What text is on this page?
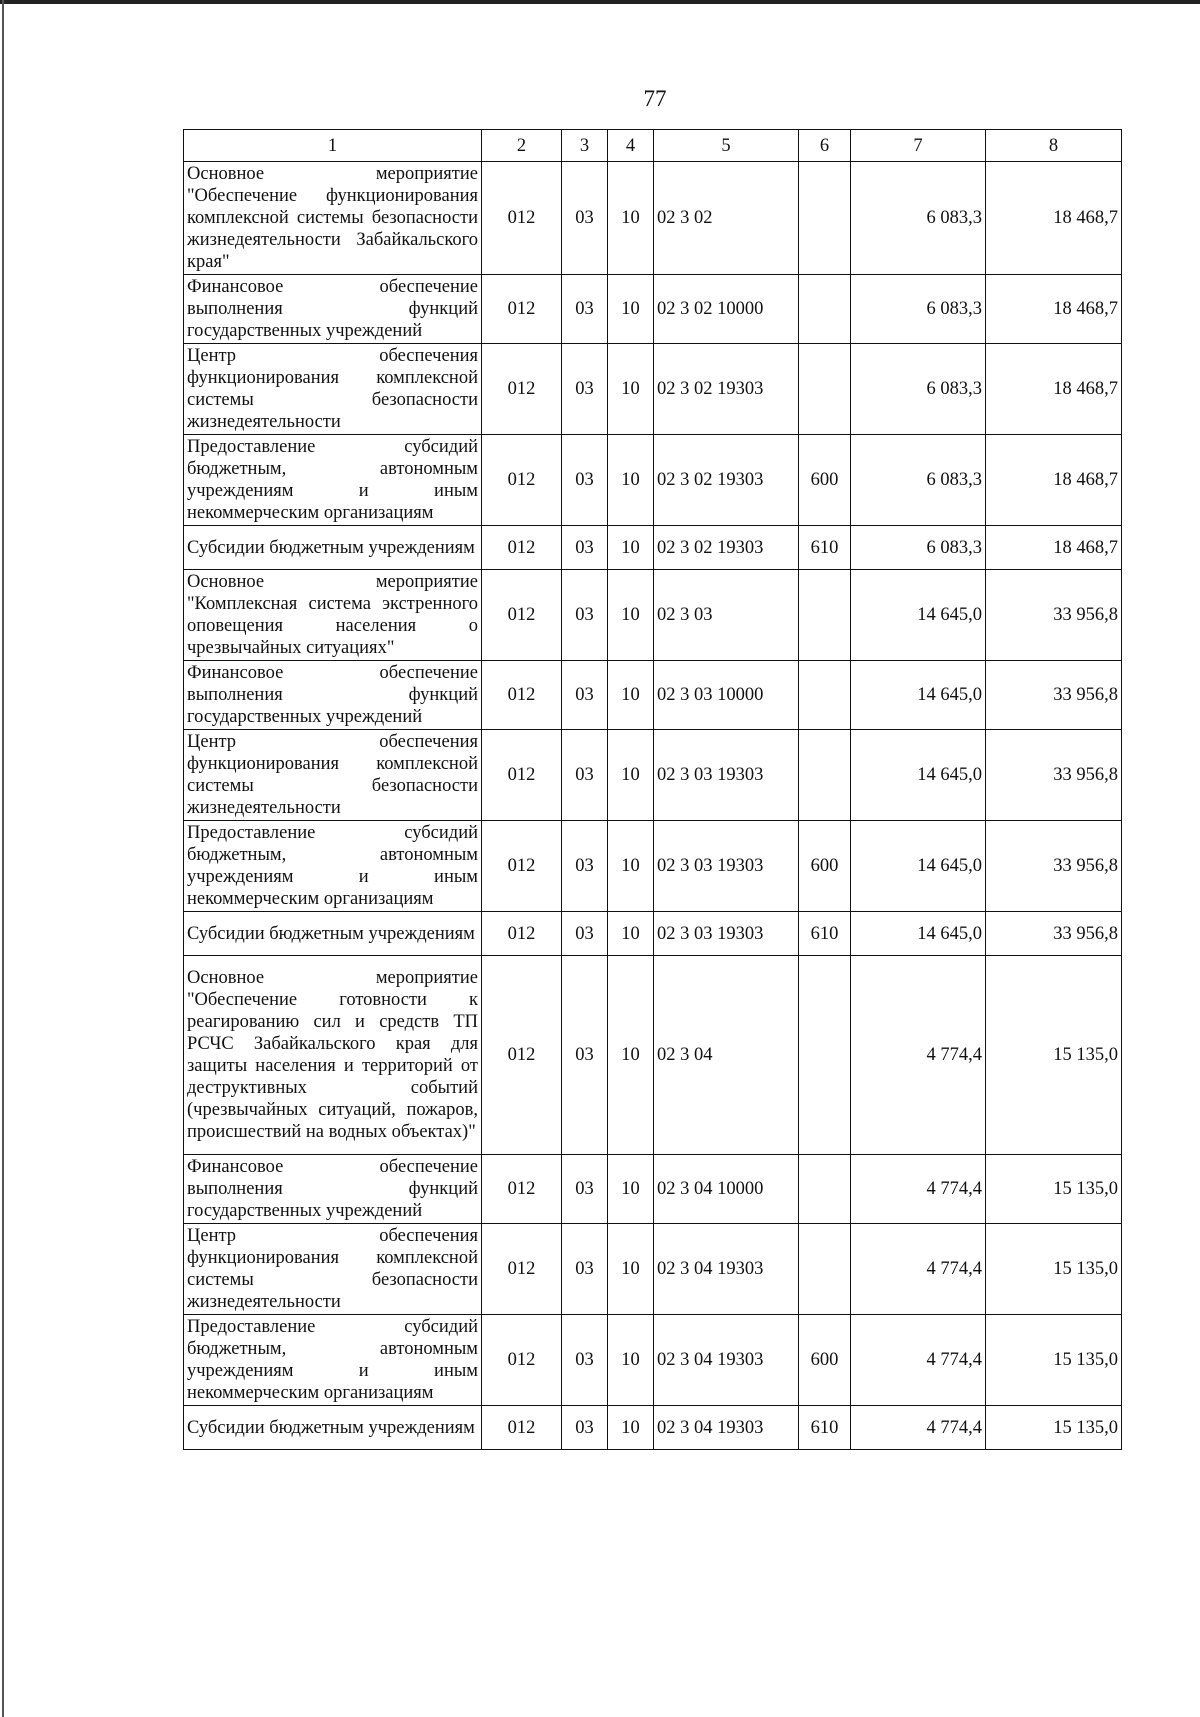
77
1	2	3	4	5	6	7	8
Основное мероприятие "Обеспечение функционирования комплексной системы безопасности жизнедеятельности Забайкальского края"	012	03	10	02 3 02		6 083,3	18 468,7
Финансовое обеспечение выполнения функций государственных учреждений	012	03	10	02 3 02 10000		6 083,3	18 468,7
Центр обеспечения функционирования комплексной системы безопасности жизнедеятельности	012	03	10	02 3 02 19303		6 083,3	18 468,7
Предоставление субсидий бюджетным, автономным учреждениям и иным некоммерческим организациям	012	03	10	02 3 02 19303	600	6 083,3	18 468,7
Субсидии бюджетным учреждениям	012	03	10	02 3 02 19303	610	6 083,3	18 468,7
Основное мероприятие "Комплексная система экстренного оповещения населения о чрезвычайных ситуациях"	012	03	10	02 3 03		14 645,0	33 956,8
Финансовое обеспечение выполнения функций государственных учреждений	012	03	10	02 3 03 10000		14 645,0	33 956,8
Центр обеспечения функционирования комплексной системы безопасности жизнедеятельности	012	03	10	02 3 03 19303		14 645,0	33 956,8
Предоставление субсидий бюджетным, автономным учреждениям и иным некоммерческим организациям	012	03	10	02 3 03 19303	600	14 645,0	33 956,8
Субсидии бюджетным учреждениям	012	03	10	02 3 03 19303	610	14 645,0	33 956,8
Основное мероприятие "Обеспечение готовности к реагированию сил и средств ТП РСЧС Забайкальского края для защиты населения и территорий от деструктивных событий (чрезвычайных ситуаций, пожаров, происшествий на водных объектах)"	012	03	10	02 3 04		4 774,4	15 135,0
Финансовое обеспечение выполнения функций государственных учреждений	012	03	10	02 3 04 10000		4 774,4	15 135,0
Центр обеспечения функционирования комплексной системы безопасности жизнедеятельности	012	03	10	02 3 04 19303		4 774,4	15 135,0
Предоставление субсидий бюджетным, автономным учреждениям и иным некоммерческим организациям	012	03	10	02 3 04 19303	600	4 774,4	15 135,0
Субсидии бюджетным учреждениям	012	03	10	02 3 04 19303	610	4 774,4	15 135,0
